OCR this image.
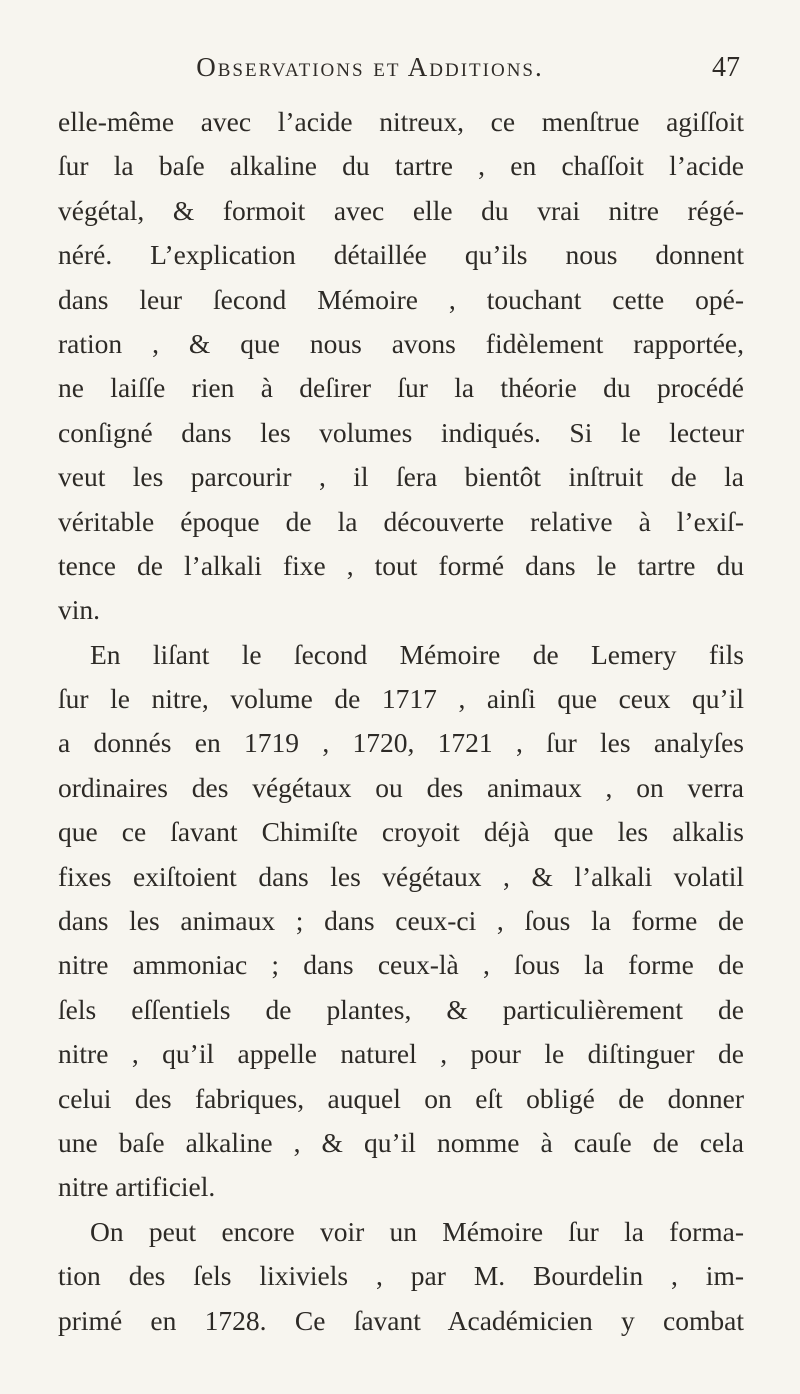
Observations et Additions.	47
elle-même avec l’acide nitreux, ce menſtrue agiſſoit
ſur la baſe alkaline du tartre , en chaſſoit l’acide
végétal, & formoit avec elle du vrai nitre régé-
néré. L’explication détaillée qu’ils nous donnent
dans leur ſecond Mémoire , touchant cette opé-
ration , & que nous avons fidèlement rapportée,
ne laiſſe rien à deſirer ſur la théorie du procédé
conſigné dans les volumes indiqués. Si le lecteur
veut les parcourir , il ſera bientôt inſtruit de la
véritable époque de la découverte relative à l’exiſ-
tence de l’alkali fixe , tout formé dans le tartre du
vin.
En liſant le ſecond Mémoire de Lemery fils
ſur le nitre, volume de 1717 , ainſi que ceux qu’il
a donnés en 1719 , 1720, 1721 , ſur les analyſes
ordinaires des végétaux ou des animaux , on verra
que ce ſavant Chimiſte croyoit déjà que les alkalis
fixes exiſtoient dans les végétaux , & l’alkali volatil
dans les animaux ; dans ceux-ci , ſous la forme de
nitre ammoniac ; dans ceux-là , ſous la forme de
ſels eſſentiels de plantes, & particulièrement de
nitre , qu’il appelle naturel , pour le diſtinguer de
celui des fabriques, auquel on eſt obligé de donner
une baſe alkaline , & qu’il nomme à cauſe de cela
nitre artificiel.
On peut encore voir un Mémoire ſur la forma-
tion des ſels lixiviels , par M. Bourdelin , im-
primé en 1728. Ce ſavant Académicien y combat
